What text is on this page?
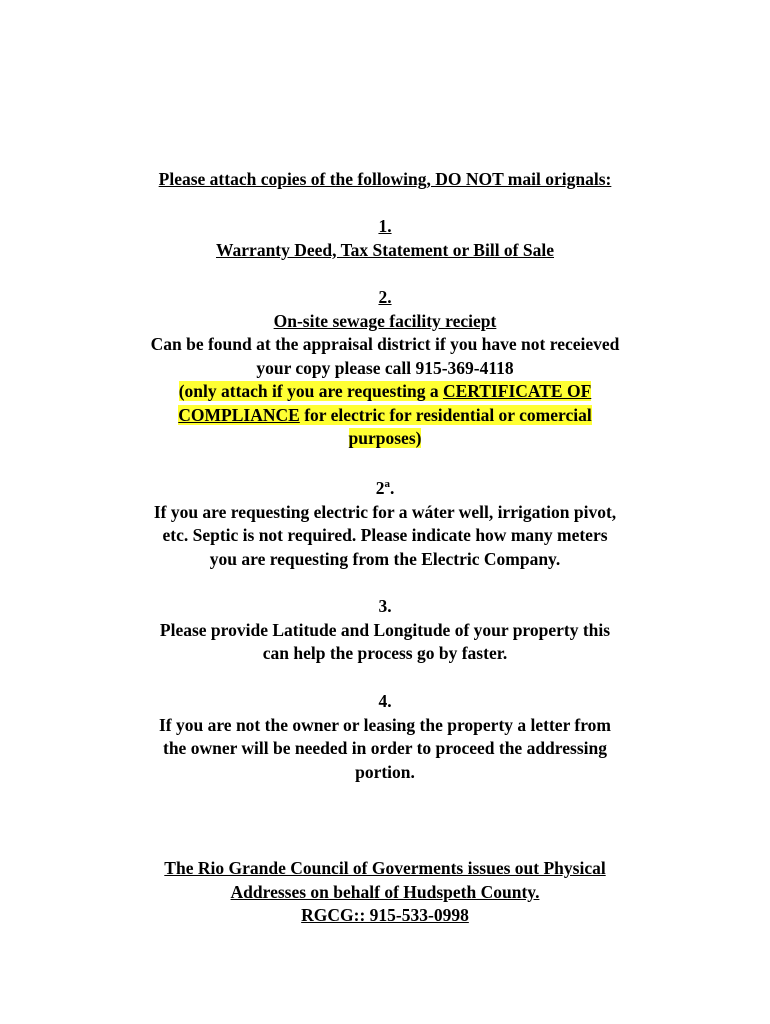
Please attach copies of the following, DO NOT mail orignals:
1.
Warranty Deed, Tax Statement or Bill of Sale
2.
On-site sewage facility reciept
Can be found at the appraisal district if you have not receieved
your copy please call 915-369-4118
(only attach if you are requesting a CERTIFICATE OF
COMPLIANCE for electric for residential or comercial
purposes)
2$^a$.
If you are requesting electric for a wáter well, irrigation pivot,
etc. Septic is not required. Please indicate how many meters
you are requesting from the Electric Company.
3.
Please provide Latitude and Longitude of your property this
can help the process go by faster.
4.
If you are not the owner or leasing the property a letter from
the owner will be needed in order to proceed the addressing
portion.
The Rio Grande Council of Goverments issues out Physical
Addresses on behalf of Hudspeth County.
RGCG:: 915-533-0998
